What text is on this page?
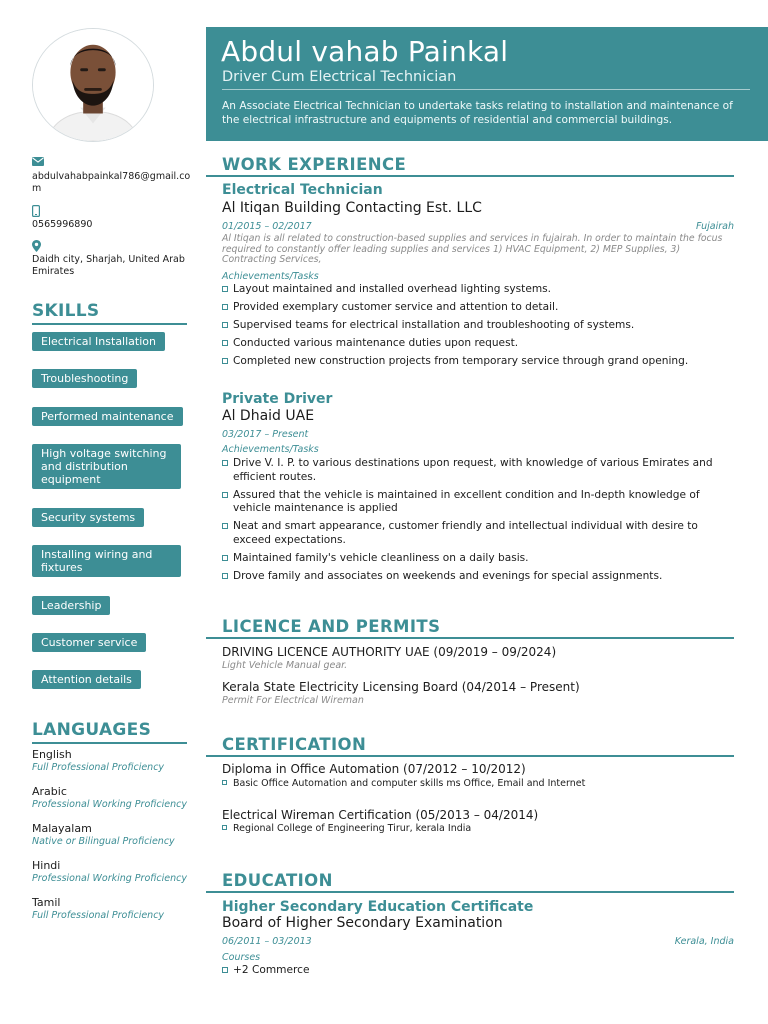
abdulvahabpainkal786@gmail.com
0565996890
Daidh city, Sharjah, United Arab Emirates
SKILLS
Electrical Installation
Troubleshooting
Performed maintenance
High voltage switching and distribution equipment
Security systems
Installing wiring and fixtures
Leadership
Customer service
Attention details
LANGUAGES
English
Full Professional Proficiency
Arabic
Professional Working Proficiency
Malayalam
Native or Bilingual Proficiency
Hindi
Professional Working Proficiency
Tamil
Full Professional Proficiency
Abdul vahab Painkal
Driver Cum Electrical Technician
An Associate Electrical Technician to undertake tasks relating to installation and maintenance of the electrical infrastructure and equipments of residential and commercial buildings.
WORK EXPERIENCE
Electrical Technician
Al Itiqan Building Contacting Est. LLC
01/2015 – 02/2017	Fujairah
Al Itiqan is all related to construction-based supplies and services in fujairah. In order to maintain the focus required to constantly offer leading supplies and services 1) HVAC Equipment, 2) MEP Supplies, 3) Contracting Services,
Achievements/Tasks
Layout maintained and installed overhead lighting systems.
Provided exemplary customer service and attention to detail.
Supervised teams for electrical installation and troubleshooting of systems.
Conducted various maintenance duties upon request.
Completed new construction projects from temporary service through grand opening.
Private Driver
Al Dhaid UAE
03/2017 – Present
Achievements/Tasks
Drive V. I. P. to various destinations upon request, with knowledge of various Emirates and efficient routes.
Assured that the vehicle is maintained in excellent condition and In-depth knowledge of vehicle maintenance is applied
Neat and smart appearance, customer friendly and intellectual individual with desire to exceed expectations.
Maintained family's vehicle cleanliness on a daily basis.
Drove family and associates on weekends and evenings for special assignments.
LICENCE AND PERMITS
DRIVING LICENCE AUTHORITY UAE (09/2019 – 09/2024)
Light Vehicle Manual gear.
Kerala State Electricity Licensing Board (04/2014 – Present)
Permit For Electrical Wireman
CERTIFICATION
Diploma in Office Automation (07/2012 – 10/2012)
Basic Office Automation and computer skills ms Office, Email and Internet
Electrical Wireman Certification (05/2013 – 04/2014)
Regional College of Engineering Tirur, kerala India
EDUCATION
Higher Secondary Education Certificate
Board of Higher Secondary Examination
06/2011 – 03/2013	Kerala, India
Courses
+2 Commerce
